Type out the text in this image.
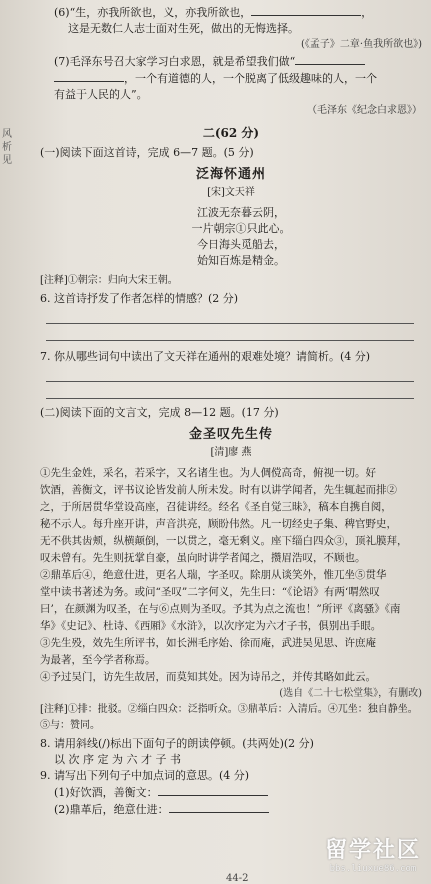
风
析
见
(6)“生，亦我所欲也，义，亦我所欲也，	，
这是无数仁人志士面对生死，做出的无悔选择。
(《孟子》二章·鱼我所欲也》)
(7)毛泽东号召大家学习白求恩，就是希望我们做“
，一个有道德的人，一个脱离了低级趣味的人，一个
有益于人民的人”。
（毛泽东《纪念白求恩》）
二(62 分)
(一)阅读下面这首诗，完成 6—7 题。(5 分)
泛海怀通州
[宋]文天祥
江波无奈暮云阴，
一片朝宗①只此心。
今日海头觅船去，
始知百炼是精金。
[注释]①朝宗：归向大宋王朝。
6. 这首诗抒发了作者怎样的情感？(2 分)
7. 你从哪些词句中读出了文天祥在通州的艰难处境？请简析。(4 分)
(二)阅读下面的文言文，完成 8—12 题。(17 分)
金圣叹先生传
[清]廖 燕
①先生金姓，采名，若采字，又名诸生也。为人倜傥高奇，俯视一切。好
饮酒，善衡文，评书议论皆发前人所未发。时有以讲学闻者，先生辄起而排②
之，于所居贯华堂设高座，召徒讲经。经名《圣自觉三昧》，稿本自携自阅，
秘不示人。每升座开讲，声音洪亮，顾盼伟然。凡一切经史子集、稗官野史，
无不供其齿颊，纵横颠倒，一以贯之，毫无剩义。座下缁白四众③，顶礼膜拜，
叹未曾有。先生则抚掌自豪，虽向时讲学者闻之，攒眉浩叹，不顾也。
②鼎革后④，绝意仕进，更名人瑞，字圣叹。除朋从谈笑外，惟兀坐⑤贯华
堂中读书著述为务。或问“圣叹”二字何义，先生曰：“《论语》有两‘喟然叹
曰’，在颜渊为叹圣，在与⑥点则为圣叹。予其为点之流也！”所评《离骚》《南
华》《史记》、杜诗、《西厢》《水浒》，以次序定为六才子书，俱别出手眼。
③先生殁，效先生所评书，如长洲毛序始、徐而庵，武进吴见思、许庶庵
为最著，至今学者称焉。
④予过吴门，访先生故居，而莫知其处。因为诗吊之，并传其略如此云。
(选自《二十七松堂集》，有删改)
[注释]①排：批驳。②缁白四众：泛指听众。③鼎革后：入清后。④兀坐：独自静坐。
⑤与：赞同。
8. 请用斜线(/)标出下面句子的朗读停顿。(共两处)(2 分)
以 次 序 定 为 六 才 子 书
9. 请写出下列句子中加点词的意思。(4 分)
(1)好饮酒，善衡文：
(2)鼎革后，绝意仕进：
44-2
留学社区
bbs.liuxue86.com
